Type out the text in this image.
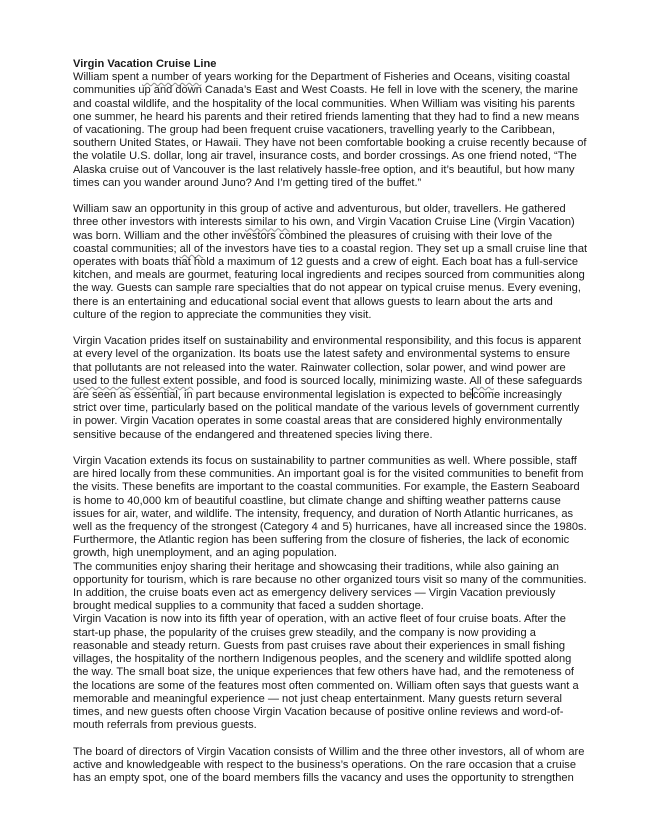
Virgin Vacation Cruise Line

William spent a number of years working for the Department of Fisheries and Oceans, visiting coastal communities up and down Canada’s East and West Coasts. He fell in love with the scenery, the marine and coastal wildlife, and the hospitality of the local communities. When William was visiting his parents one summer, he heard his parents and their retired friends lamenting that they had to find a new means of vacationing. The group had been frequent cruise vacationers, travelling yearly to the Caribbean, southern United States, or Hawaii. They have not been comfortable booking a cruise recently because of the volatile U.S. dollar, long air travel, insurance costs, and border crossings. As one friend noted, “The Alaska cruise out of Vancouver is the last relatively hassle-free option, and it’s beautiful, but how many times can you wander around Juno? And I’m getting tired of the buffet.”

William saw an opportunity in this group of active and adventurous, but older, travellers. He gathered three other investors with interests similar to his own, and Virgin Vacation Cruise Line (Virgin Vacation) was born. William and the other investors combined the pleasures of cruising with their love of the coastal communities; all of the investors have ties to a coastal region. They set up a small cruise line that operates with boats that hold a maximum of 12 guests and a crew of eight. Each boat has a full-service kitchen, and meals are gourmet, featuring local ingredients and recipes sourced from communities along the way. Guests can sample rare specialties that do not appear on typical cruise menus. Every evening, there is an entertaining and educational social event that allows guests to learn about the arts and culture of the region to appreciate the communities they visit.

Virgin Vacation prides itself on sustainability and environmental responsibility, and this focus is apparent at every level of the organization. Its boats use the latest safety and environmental systems to ensure that pollutants are not released into the water. Rainwater collection, solar power, and wind power are used to the fullest extent possible, and food is sourced locally, minimizing waste. All of these safeguards are seen as essential, in part because environmental legislation is expected to become increasingly strict over time, particularly based on the political mandate of the various levels of government currently in power. Virgin Vacation operates in some coastal areas that are considered highly environmentally sensitive because of the endangered and threatened species living there.

Virgin Vacation extends its focus on sustainability to partner communities as well. Where possible, staff are hired locally from these communities. An important goal is for the visited communities to benefit from the visits. These benefits are important to the coastal communities. For example, the Eastern Seaboard is home to 40,000 km of beautiful coastline, but climate change and shifting weather patterns cause issues for air, water, and wildlife. The intensity, frequency, and duration of North Atlantic hurricanes, as well as the frequency of the strongest (Category 4 and 5) hurricanes, have all increased since the 1980s. Furthermore, the Atlantic region has been suffering from the closure of fisheries, the lack of economic growth, high unemployment, and an aging population.

The communities enjoy sharing their heritage and showcasing their traditions, while also gaining an opportunity for tourism, which is rare because no other organized tours visit so many of the communities. In addition, the cruise boats even act as emergency delivery services — Virgin Vacation previously brought medical supplies to a community that faced a sudden shortage.

Virgin Vacation is now into its fifth year of operation, with an active fleet of four cruise boats. After the start-up phase, the popularity of the cruises grew steadily, and the company is now providing a reasonable and steady return. Guests from past cruises rave about their experiences in small fishing villages, the hospitality of the northern Indigenous peoples, and the scenery and wildlife spotted along the way. The small boat size, the unique experiences that few others have had, and the remoteness of the locations are some of the features most often commented on. William often says that guests want a memorable and meaningful experience — not just cheap entertainment. Many guests return several times, and new guests often choose Virgin Vacation because of positive online reviews and word-of-mouth referrals from previous guests.

The board of directors of Virgin Vacation consists of Willim and the three other investors, all of whom are active and knowledgeable with respect to the business’s operations. On the rare occasion that a cruise has an empty spot, one of the board members fills the vacancy and uses the opportunity to strengthen
